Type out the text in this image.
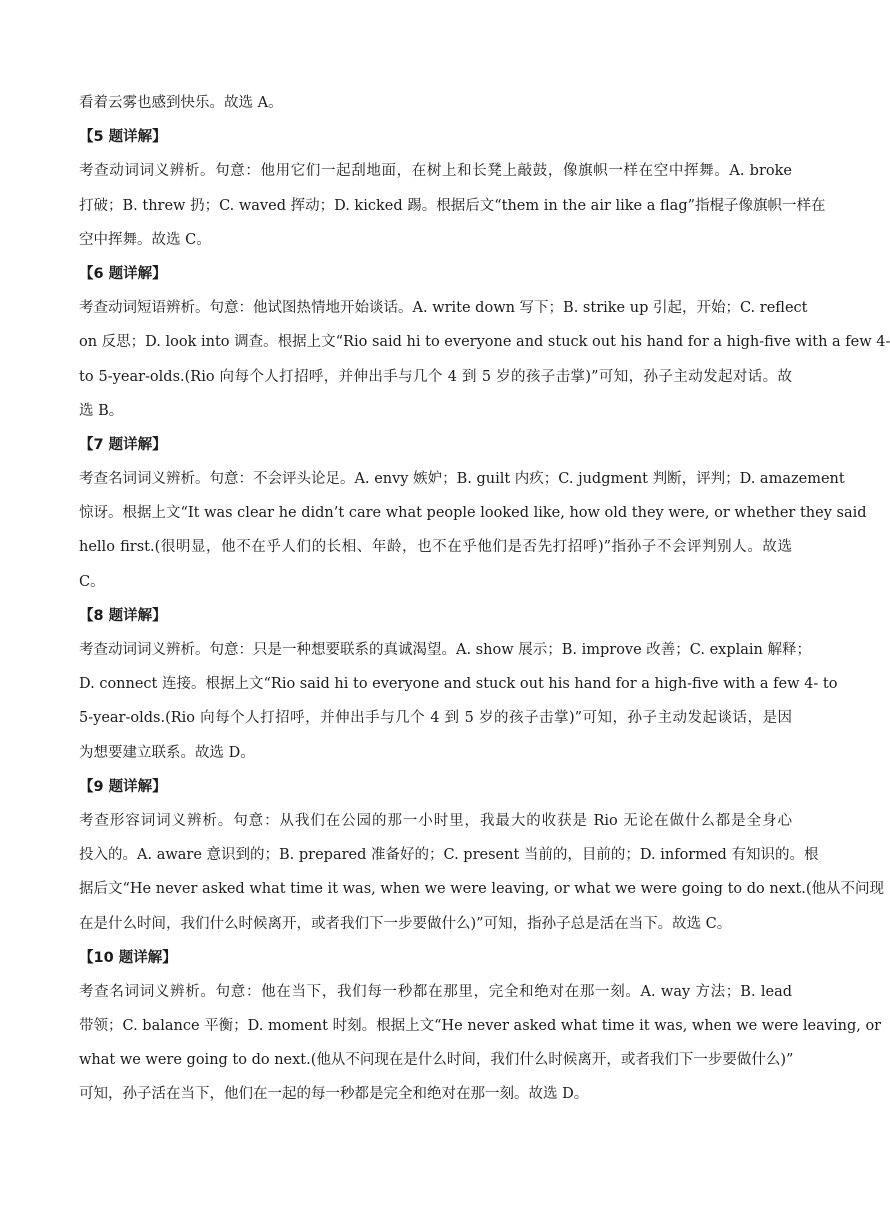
看着云雾也感到快乐。故选 A。
【5 题详解】
考查动词词义辨析。句意：他用它们一起刮地面，在树上和长凳上敲鼓，像旗帜一样在空中挥舞。A. broke
打破；B. threw 扔；C. waved 挥动；D. kicked 踢。根据后文“them in the air like a flag”指棍子像旗帜一样在
空中挥舞。故选 C。
【6 题详解】
考查动词短语辨析。句意：他试图热情地开始谈话。A. write down 写下；B. strike up 引起，开始；C. reflect
on 反思；D. look into 调查。根据上文“Rio said hi to everyone and stuck out his hand for a high-five with a few 4-
to 5-year-olds.(Rio 向每个人打招呼，并伸出手与几个 4 到 5 岁的孩子击掌)”可知，孙子主动发起对话。故
选 B。
【7 题详解】
考查名词词义辨析。句意：不会评头论足。A. envy 嫉妒；B. guilt 内疚；C. judgment 判断，评判；D. amazement
惊讶。根据上文“It was clear he didn’t care what people looked like, how old they were, or whether they said
hello first.(很明显，他不在乎人们的长相、年龄，也不在乎他们是否先打招呼)”指孙子不会评判别人。故选
C。
【8 题详解】
考查动词词义辨析。句意：只是一种想要联系的真诚渴望。A. show 展示；B. improve 改善；C. explain 解释；
D. connect 连接。根据上文“Rio said hi to everyone and stuck out his hand for a high-five with a few 4- to
5-year-olds.(Rio 向每个人打招呼，并伸出手与几个 4 到 5 岁的孩子击掌)”可知，孙子主动发起谈话，是因
为想要建立联系。故选 D。
【9 题详解】
考查形容词词义辨析。句意：从我们在公园的那一小时里，我最大的收获是 Rio 无论在做什么都是全身心
投入的。A. aware 意识到的；B. prepared 准备好的；C. present 当前的，目前的；D. informed 有知识的。根
据后文“He never asked what time it was, when we were leaving, or what we were going to do next.(他从不问现
在是什么时间，我们什么时候离开，或者我们下一步要做什么)”可知，指孙子总是活在当下。故选 C。
【10 题详解】
考查名词词义辨析。句意：他在当下，我们每一秒都在那里，完全和绝对在那一刻。A. way 方法；B. lead
带领；C. balance 平衡；D. moment 时刻。根据上文“He never asked what time it was, when we were leaving, or
what we were going to do next.(他从不问现在是什么时间，我们什么时候离开，或者我们下一步要做什么)”
可知，孙子活在当下，他们在一起的每一秒都是完全和绝对在那一刻。故选 D。
